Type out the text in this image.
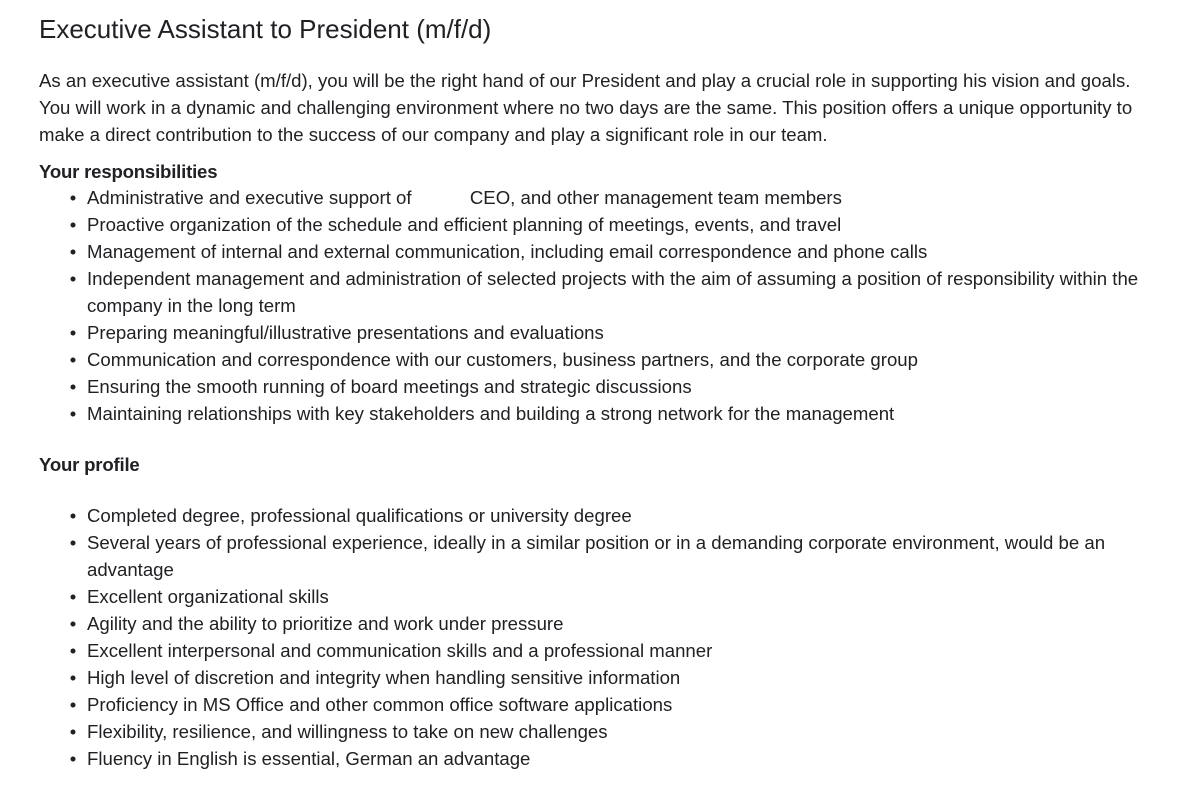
Executive Assistant to President (m/f/d)

As an executive assistant (m/f/d), you will be the right hand of our President and play a crucial role in supporting his vision and goals. You will work in a dynamic and challenging environment where no two days are the same. This position offers a unique opportunity to make a direct contribution to the success of our company and play a significant role in our team.

Your responsibilities
• Administrative and executive support of	CEO, and other management team members
• Proactive organization of the schedule and efficient planning of meetings, events, and travel
• Management of internal and external communication, including email correspondence and phone calls
• Independent management and administration of selected projects with the aim of assuming a position of responsibility within the company in the long term
• Preparing meaningful/illustrative presentations and evaluations
• Communication and correspondence with our customers, business partners, and the corporate group
• Ensuring the smooth running of board meetings and strategic discussions
• Maintaining relationships with key stakeholders and building a strong network for the management
Your profile
• Completed degree, professional qualifications or university degree
• Several years of professional experience, ideally in a similar position or in a demanding corporate environment, would be an advantage
• Excellent organizational skills
• Agility and the ability to prioritize and work under pressure
• Excellent interpersonal and communication skills and a professional manner
• High level of discretion and integrity when handling sensitive information
• Proficiency in MS Office and other common office software applications
• Flexibility, resilience, and willingness to take on new challenges
• Fluency in English is essential, German an advantage
